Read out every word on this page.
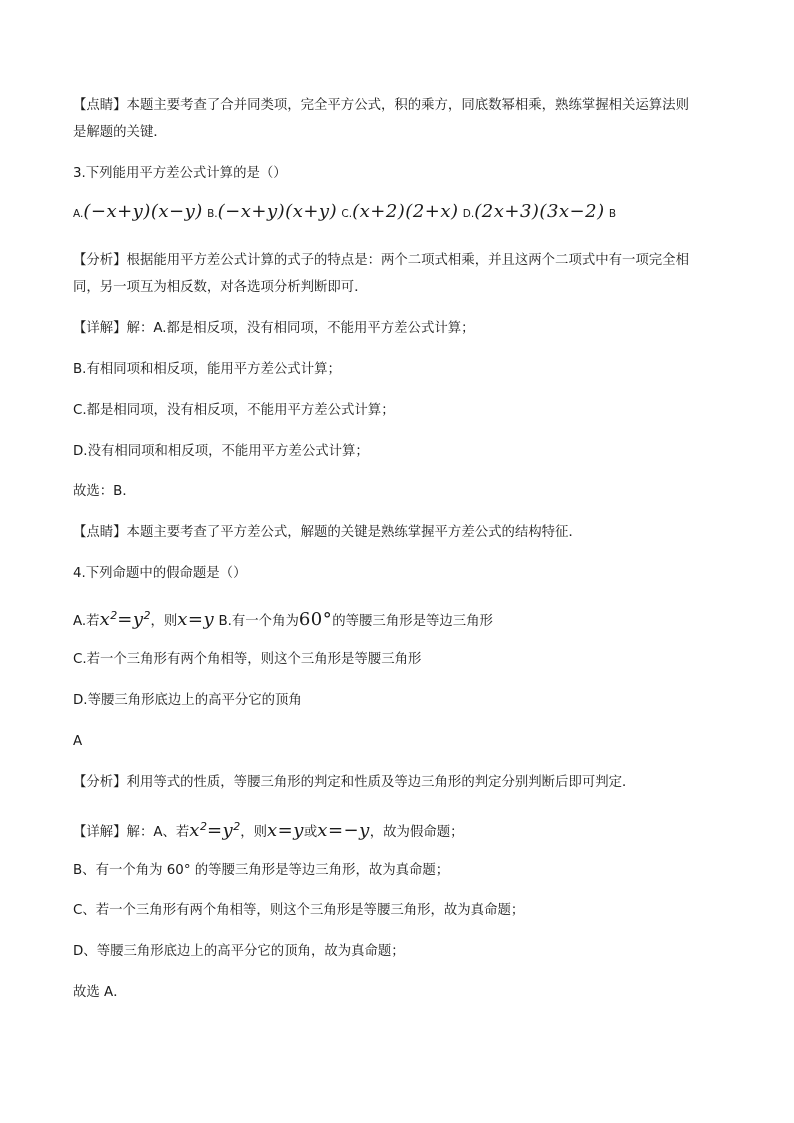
【点睛】本题主要考查了合并同类项，完全平方公式，积的乘方，同底数幂相乘，熟练掌握相关运算法则
是解题的关键．
3.下列能用平方差公式计算的是（）
A.(−x+y)(x−y) B.(−x+y)(x+y) C.(x+2)(2+x) D.(2x+3)(3x−2) B
【分析】根据能用平方差公式计算的式子的特点是：两个二项式相乘，并且这两个二项式中有一项完全相
同，另一项互为相反数，对各选项分析判断即可．
【详解】解：A.都是相反项，没有相同项，不能用平方差公式计算；
B.有相同项和相反项，能用平方差公式计算；
C.都是相同项，没有相反项，不能用平方差公式计算；
D.没有相同项和相反项，不能用平方差公式计算；
故选：B．
【点睛】本题主要考查了平方差公式，解题的关键是熟练掌握平方差公式的结构特征．
4.下列命题中的假命题是（）
A.若$x^2=y^2$，则x=y B.有一个角为60°的等腰三角形是等边三角形
C.若一个三角形有两个角相等，则这个三角形是等腰三角形
D.等腰三角形底边上的高平分它的顶角
A
【分析】利用等式的性质，等腰三角形的判定和性质及等边三角形的判定分别判断后即可判定．
【详解】解：A、若$x^2=y^2$，则x=y或x=−y，故为假命题；
B、有一个角为 60° 的等腰三角形是等边三角形，故为真命题；
C、若一个三角形有两个角相等，则这个三角形是等腰三角形，故为真命题；
D、等腰三角形底边上的高平分它的顶角，故为真命题；
故选 A．
